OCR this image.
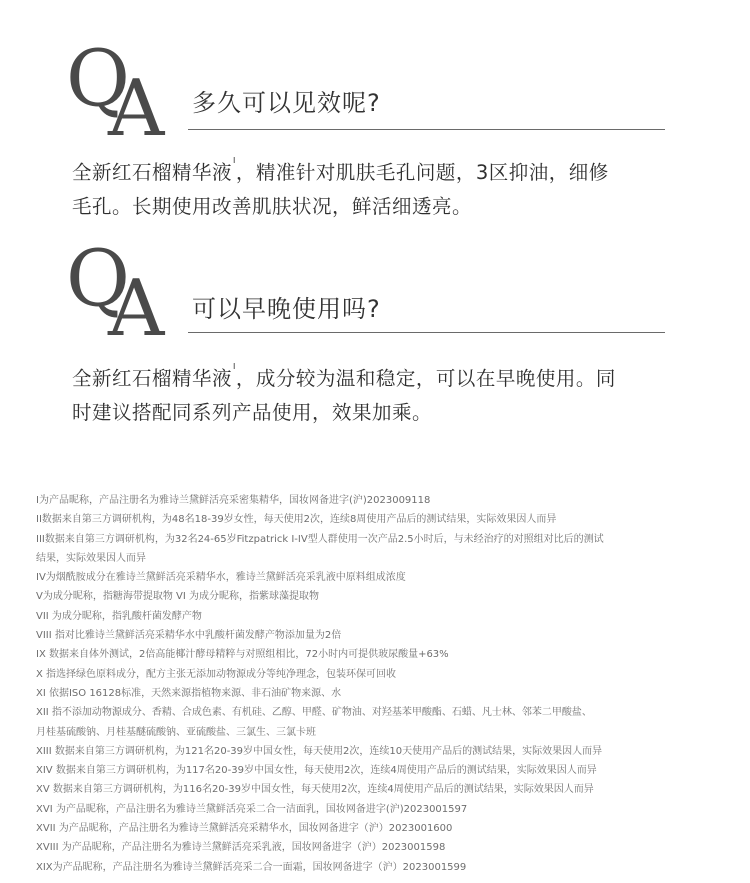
Q
A 多久可以见效呢?
全新红石榴精华液$^I$，精准针对肌肤毛孔问题，3区抑油，细修
毛孔。长期使用改善肌肤状况，鲜活细透亮。
Q
A 可以早晚使用吗?
全新红石榴精华液$^I$，成分较为温和稳定，可以在早晚使用。同
时建议搭配同系列产品使用，效果加乘。
I为产品昵称，产品注册名为雅诗兰黛鲜活亮采密集精华，国妆网备进字(沪)2023009118
II数据来自第三方调研机构，为48名18-39岁女性，每天使用2次，连续8周使用产品后的测试结果，实际效果因人而异
III数据来自第三方调研机构，为32名24-65岁Fitzpatrick I-IV型人群使用一次产品2.5小时后，与未经治疗的对照组对比后的测试
结果，实际效果因人而异
IV为烟酰胺成分在雅诗兰黛鲜活亮采精华水，雅诗兰黛鲜活亮采乳液中原料组成浓度
V为成分昵称，指糖海带提取物 VI 为成分昵称，指紫球藻提取物
VII 为成分昵称，指乳酸杆菌发酵产物
VIII 指对比雅诗兰黛鲜活亮采精华水中乳酸杆菌发酵产物添加量为2倍
IX 数据来自体外测试，2倍高能椰汁酵母精粹与对照组相比，72小时内可提供玻尿酸量+63%
X 指选择绿色原料成分，配方主张无添加动物源成分等纯净理念，包装环保可回收
XI 依据ISO 16128标准，天然来源指植物来源、非石油矿物来源、水
XII 指不添加动物源成分、香精、合成色素、有机硅、乙醇、甲醛、矿物油、对羟基苯甲酸酯、石蜡、凡士林、邻苯二甲酸盐、
月桂基硫酸钠、月桂基醚硫酸钠、亚硫酸盐、三氯生、三氯卡班
XIII 数据来自第三方调研机构，为121名20-39岁中国女性，每天使用2次，连续10天使用产品后的测试结果，实际效果因人而异
XIV 数据来自第三方调研机构，为117名20-39岁中国女性，每天使用2次，连续4周使用产品后的测试结果，实际效果因人而异
XV 数据来自第三方调研机构，为116名20-39岁中国女性，每天使用2次，连续4周使用产品后的测试结果，实际效果因人而异
XVI 为产品昵称，产品注册名为雅诗兰黛鲜活亮采二合一洁面乳，国妆网备进字(沪)2023001597
XVII 为产品昵称，产品注册名为雅诗兰黛鲜活亮采精华水，国妆网备进字（沪）2023001600
XVIII 为产品昵称，产品注册名为雅诗兰黛鲜活亮采乳液，国妆网备进字（沪）2023001598
XIX为产品昵称，产品注册名为雅诗兰黛鲜活亮采二合一面霜，国妆网备进字（沪）2023001599
